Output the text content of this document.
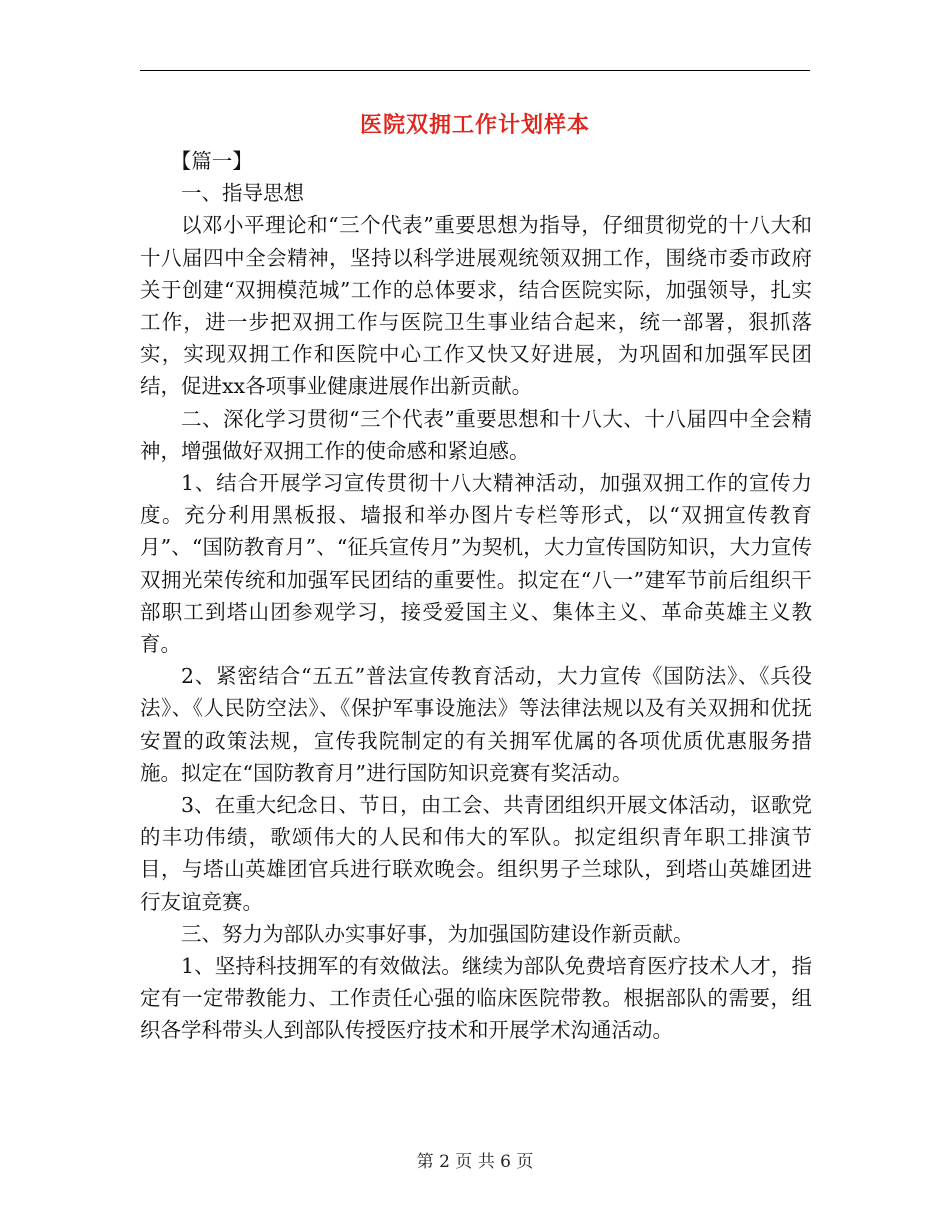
医院双拥工作计划样本

【篇一】

一、指导思想

以邓小平理论和“三个代表”重要思想为指导，仔细贯彻党的十八大和十八届四中全会精神，坚持以科学进展观统领双拥工作，围绕市委市政府关于创建“双拥模范城”工作的总体要求，结合医院实际，加强领导，扎实工作，进一步把双拥工作与医院卫生事业结合起来，统一部署，狠抓落实，实现双拥工作和医院中心工作又快又好进展，为巩固和加强军民团结，促进xx各项事业健康进展作出新贡献。

二、深化学习贯彻“三个代表”重要思想和十八大、十八届四中全会精神，增强做好双拥工作的使命感和紧迫感。

1、结合开展学习宣传贯彻十八大精神活动，加强双拥工作的宣传力度。充分利用黑板报、墙报和举办图片专栏等形式，以“双拥宣传教育月”、“国防教育月”、“征兵宣传月”为契机，大力宣传国防知识，大力宣传双拥光荣传统和加强军民团结的重要性。拟定在“八一”建军节前后组织干部职工到塔山团参观学习，接受爱国主义、集体主义、革命英雄主义教育。

2、紧密结合“五五”普法宣传教育活动，大力宣传《国防法》、《兵役法》、《人民防空法》、《保护军事设施法》等法律法规以及有关双拥和优抚安置的政策法规，宣传我院制定的有关拥军优属的各项优质优惠服务措施。拟定在“国防教育月”进行国防知识竞赛有奖活动。

3、在重大纪念日、节日，由工会、共青团组织开展文体活动，讴歌党的丰功伟绩，歌颂伟大的人民和伟大的军队。拟定组织青年职工排演节目，与塔山英雄团官兵进行联欢晚会。组织男子兰球队，到塔山英雄团进行友谊竞赛。

三、努力为部队办实事好事，为加强国防建设作新贡献。

1、坚持科技拥军的有效做法。继续为部队免费培育医疗技术人才，指定有一定带教能力、工作责任心强的临床医院带教。根据部队的需要，组织各学科带头人到部队传授医疗技术和开展学术沟通活动。

第 2 页 共 6 页
